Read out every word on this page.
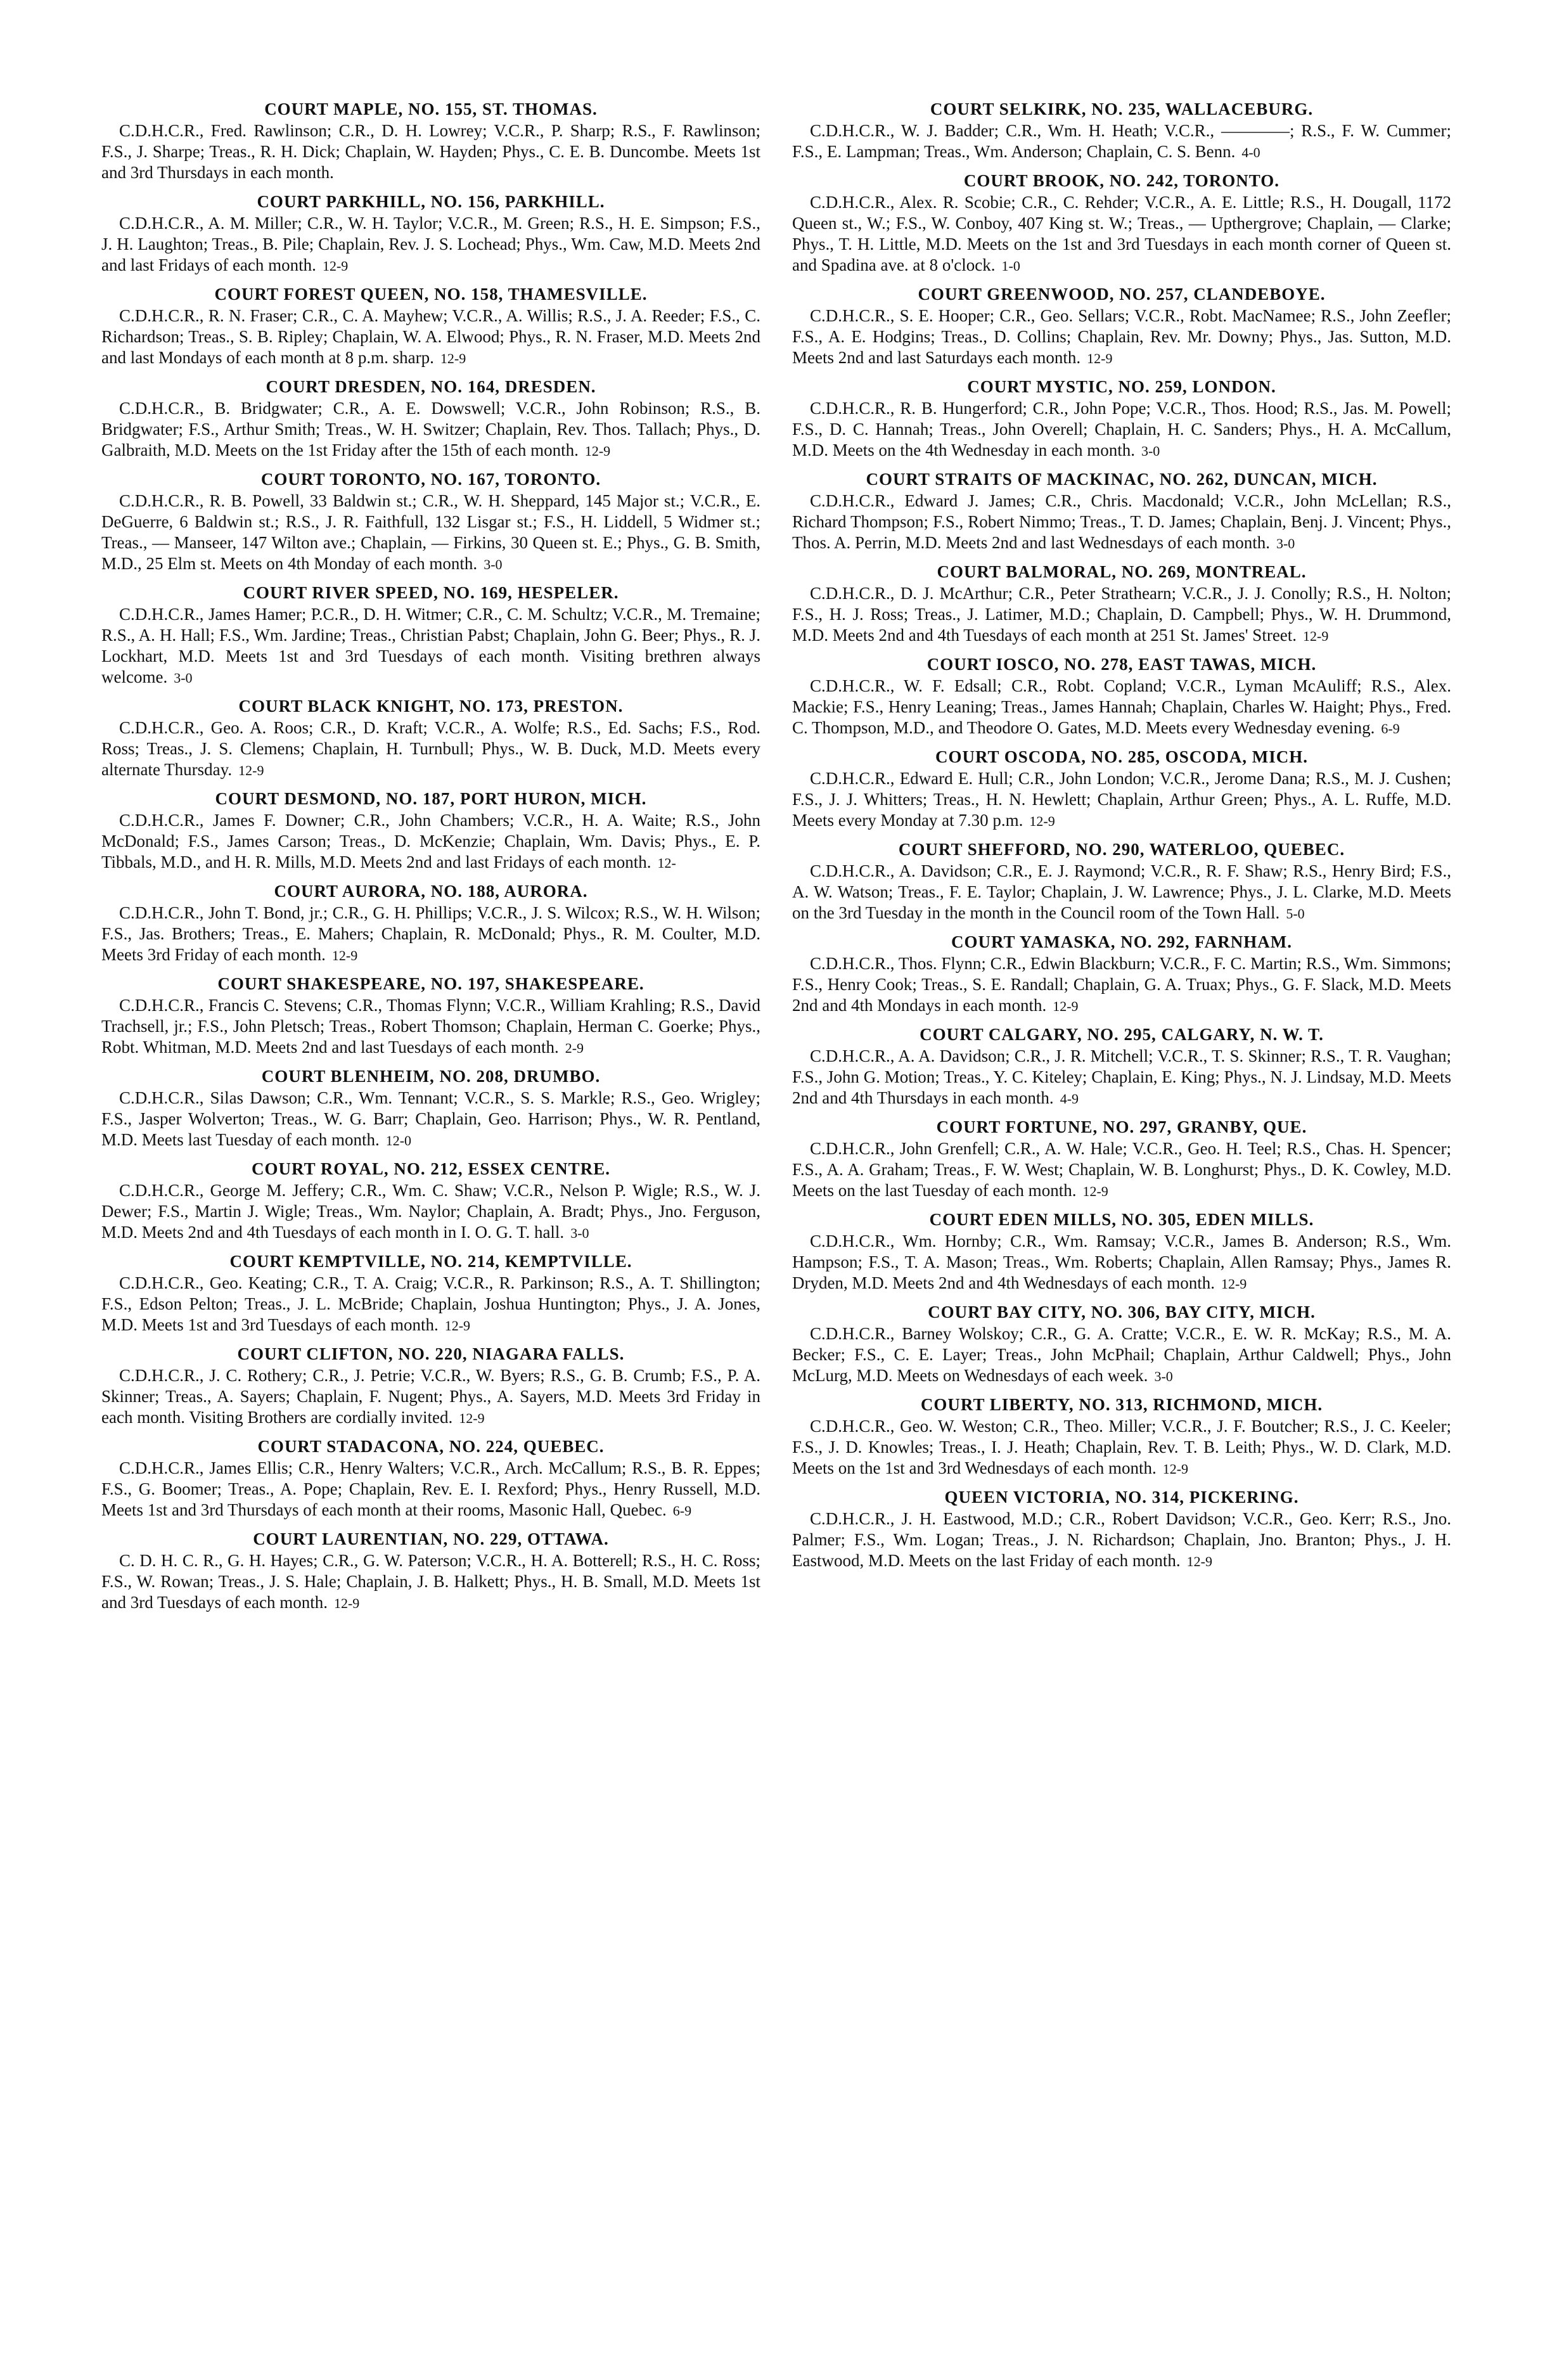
COURT MAPLE, NO. 155, ST. THOMAS.
C.D.H.C.R., Fred. Rawlinson; C.R., D. H. Lowrey; V.C.R., P. Sharp; R.S., F. Rawlinson; F.S., J. Sharpe; Treas., R. H. Dick; Chaplain, W. Hayden; Phys., C. E. B. Duncombe. Meets 1st and 3rd Thursdays in each month.
COURT PARKHILL, NO. 156, PARKHILL.
C.D.H.C.R., A. M. Miller; C.R., W. H. Taylor; V.C.R., M. Green; R.S., H. E. Simpson; F.S., J. H. Laughton; Treas., B. Pile; Chaplain, Rev. J. S. Lochead; Phys., Wm. Caw, M.D. Meets 2nd and last Fridays of each month. 12-9
COURT FOREST QUEEN, NO. 158, THAMESVILLE.
C.D.H.C.R., R. N. Fraser; C.R., C. A. Mayhew; V.C.R., A. Willis; R.S., J. A. Reeder; F.S., C. Richardson; Treas., S. B. Ripley; Chaplain, W. A. Elwood; Phys., R. N. Fraser, M.D. Meets 2nd and last Mondays of each month at 8 p.m. sharp. 12-9
COURT DRESDEN, NO. 164, DRESDEN.
C.D.H.C.R., B. Bridgwater; C.R., A. E. Dowswell; V.C.R., John Robinson; R.S., B. Bridgwater; F.S., Arthur Smith; Treas., W. H. Switzer; Chaplain, Rev. Thos. Tallach; Phys., D. Galbraith, M.D. Meets on the 1st Friday after the 15th of each month. 12-9
COURT TORONTO, NO. 167, TORONTO.
C.D.H.C.R., R. B. Powell, 33 Baldwin st.; C.R., W. H. Sheppard, 145 Major st.; V.C.R., E. DeGuerre, 6 Baldwin st.; R.S., J. R. Faithfull, 132 Lisgar st.; F.S., H. Liddell, 5 Widmer st.; Treas., — Manseer, 147 Wilton ave.; Chaplain, — Firkins, 30 Queen st. E.; Phys., G. B. Smith, M.D., 25 Elm st. Meets on 4th Monday of each month. 3-0
COURT RIVER SPEED, NO. 169, HESPELER.
C.D.H.C.R., James Hamer; P.C.R., D. H. Witmer; C.R., C. M. Schultz; V.C.R., M. Tremaine; R.S., A. H. Hall; F.S., Wm. Jardine; Treas., Christian Pabst; Chaplain, John G. Beer; Phys., R. J. Lockhart, M.D. Meets 1st and 3rd Tuesdays of each month. Visiting brethren always welcome. 3-0
COURT BLACK KNIGHT, NO. 173, PRESTON.
C.D.H.C.R., Geo. A. Roos; C.R., D. Kraft; V.C.R., A. Wolfe; R.S., Ed. Sachs; F.S., Rod. Ross; Treas., J. S. Clemens; Chaplain, H. Turnbull; Phys., W. B. Duck, M.D. Meets every alternate Thursday. 12-9
COURT DESMOND, NO. 187, PORT HURON, MICH.
C.D.H.C.R., James F. Downer; C.R., John Chambers; V.C.R., H. A. Waite; R.S., John McDonald; F.S., James Carson; Treas., D. McKenzie; Chaplain, Wm. Davis; Phys., E. P. Tibbals, M.D., and H. R. Mills, M.D. Meets 2nd and last Fridays of each month. 12-
COURT AURORA, NO. 188, AURORA.
C.D.H.C.R., John T. Bond, jr.; C.R., G. H. Phillips; V.C.R., J. S. Wilcox; R.S., W. H. Wilson; F.S., Jas. Brothers; Treas., E. Mahers; Chaplain, R. McDonald; Phys., R. M. Coulter, M.D. Meets 3rd Friday of each month. 12-9
COURT SHAKESPEARE, NO. 197, SHAKESPEARE.
C.D.H.C.R., Francis C. Stevens; C.R., Thomas Flynn; V.C.R., William Krahling; R.S., David Trachsell, jr.; F.S., John Pletsch; Treas., Robert Thomson; Chaplain, Herman C. Goerke; Phys., Robt. Whitman, M.D. Meets 2nd and last Tuesdays of each month. 2-9
COURT BLENHEIM, NO. 208, DRUMBO.
C.D.H.C.R., Silas Dawson; C.R., Wm. Tennant; V.C.R., S. S. Markle; R.S., Geo. Wrigley; F.S., Jasper Wolverton; Treas., W. G. Barr; Chaplain, Geo. Harrison; Phys., W. R. Pentland, M.D. Meets last Tuesday of each month. 12-0
COURT ROYAL, NO. 212, ESSEX CENTRE.
C.D.H.C.R., George M. Jeffery; C.R., Wm. C. Shaw; V.C.R., Nelson P. Wigle; R.S., W. J. Dewer; F.S., Martin J. Wigle; Treas., Wm. Naylor; Chaplain, A. Bradt; Phys., Jno. Ferguson, M.D. Meets 2nd and 4th Tuesdays of each month in I. O. G. T. hall. 3-0
COURT KEMPTVILLE, NO. 214, KEMPTVILLE.
C.D.H.C.R., Geo. Keating; C.R., T. A. Craig; V.C.R., R. Parkinson; R.S., A. T. Shillington; F.S., Edson Pelton; Treas., J. L. McBride; Chaplain, Joshua Huntington; Phys., J. A. Jones, M.D. Meets 1st and 3rd Tuesdays of each month. 12-9
COURT CLIFTON, NO. 220, NIAGARA FALLS.
C.D.H.C.R., J. C. Rothery; C.R., J. Petrie; V.C.R., W. Byers; R.S., G. B. Crumb; F.S., P. A. Skinner; Treas., A. Sayers; Chaplain, F. Nugent; Phys., A. Sayers, M.D. Meets 3rd Friday in each month. Visiting Brothers are cordially invited. 12-9
COURT STADACONA, NO. 224, QUEBEC.
C.D.H.C.R., James Ellis; C.R., Henry Walters; V.C.R., Arch. McCallum; R.S., B. R. Eppes; F.S., G. Boomer; Treas., A. Pope; Chaplain, Rev. E. I. Rexford; Phys., Henry Russell, M.D. Meets 1st and 3rd Thursdays of each month at their rooms, Masonic Hall, Quebec. 6-9
COURT LAURENTIAN, NO. 229, OTTAWA.
C. D. H. C. R., G. H. Hayes; C.R., G. W. Paterson; V.C.R., H. A. Botterell; R.S., H. C. Ross; F.S., W. Rowan; Treas., J. S. Hale; Chaplain, J. B. Halkett; Phys., H. B. Small, M.D. Meets 1st and 3rd Tuesdays of each month. 12-9
COURT SELKIRK, NO. 235, WALLACEBURG.
C.D.H.C.R., W. J. Badder; C.R., Wm. H. Heath; V.C.R., ————; R.S., F. W. Cummer; F.S., E. Lampman; Treas., Wm. Anderson; Chaplain, C. S. Benn. 4-0
COURT BROOK, NO. 242, TORONTO.
C.D.H.C.R., Alex. R. Scobie; C.R., C. Rehder; V.C.R., A. E. Little; R.S., H. Dougall, 1172 Queen st., W.; F.S., W. Conboy, 407 King st. W.; Treas., — Upthergrove; Chaplain, — Clarke; Phys., T. H. Little, M.D. Meets on the 1st and 3rd Tuesdays in each month corner of Queen st. and Spadina ave. at 8 o'clock. 1-0
COURT GREENWOOD, NO. 257, CLANDEBOYE.
C.D.H.C.R., S. E. Hooper; C.R., Geo. Sellars; V.C.R., Robt. MacNamee; R.S., John Zeefler; F.S., A. E. Hodgins; Treas., D. Collins; Chaplain, Rev. Mr. Downy; Phys., Jas. Sutton, M.D. Meets 2nd and last Saturdays each month. 12-9
COURT MYSTIC, NO. 259, LONDON.
C.D.H.C.R., R. B. Hungerford; C.R., John Pope; V.C.R., Thos. Hood; R.S., Jas. M. Powell; F.S., D. C. Hannah; Treas., John Overell; Chaplain, H. C. Sanders; Phys., H. A. McCallum, M.D. Meets on the 4th Wednesday in each month. 3-0
COURT STRAITS OF MACKINAC, NO. 262, DUNCAN, MICH.
C.D.H.C.R., Edward J. James; C.R., Chris. Macdonald; V.C.R., John McLellan; R.S., Richard Thompson; F.S., Robert Nimmo; Treas., T. D. James; Chaplain, Benj. J. Vincent; Phys., Thos. A. Perrin, M.D. Meets 2nd and last Wednesdays of each month. 3-0
COURT BALMORAL, NO. 269, MONTREAL.
C.D.H.C.R., D. J. McArthur; C.R., Peter Strathearn; V.C.R., J. J. Conolly; R.S., H. Nolton; F.S., H. J. Ross; Treas., J. Latimer, M.D.; Chaplain, D. Campbell; Phys., W. H. Drummond, M.D. Meets 2nd and 4th Tuesdays of each month at 251 St. James' Street. 12-9
COURT IOSCO, NO. 278, EAST TAWAS, MICH.
C.D.H.C.R., W. F. Edsall; C.R., Robt. Copland; V.C.R., Lyman McAuliff; R.S., Alex. Mackie; F.S., Henry Leaning; Treas., James Hannah; Chaplain, Charles W. Haight; Phys., Fred. C. Thompson, M.D., and Theodore O. Gates, M.D. Meets every Wednesday evening. 6-9
COURT OSCODA, NO. 285, OSCODA, MICH.
C.D.H.C.R., Edward E. Hull; C.R., John London; V.C.R., Jerome Dana; R.S., M. J. Cushen; F.S., J. J. Whitters; Treas., H. N. Hewlett; Chaplain, Arthur Green; Phys., A. L. Ruffe, M.D. Meets every Monday at 7.30 p.m. 12-9
COURT SHEFFORD, NO. 290, WATERLOO, QUEBEC.
C.D.H.C.R., A. Davidson; C.R., E. J. Raymond; V.C.R., R. F. Shaw; R.S., Henry Bird; F.S., A. W. Watson; Treas., F. E. Taylor; Chaplain, J. W. Lawrence; Phys., J. L. Clarke, M.D. Meets on the 3rd Tuesday in the month in the Council room of the Town Hall. 5-0
COURT YAMASKA, NO. 292, FARNHAM.
C.D.H.C.R., Thos. Flynn; C.R., Edwin Blackburn; V.C.R., F. C. Martin; R.S., Wm. Simmons; F.S., Henry Cook; Treas., S. E. Randall; Chaplain, G. A. Truax; Phys., G. F. Slack, M.D. Meets 2nd and 4th Mondays in each month. 12-9
COURT CALGARY, NO. 295, CALGARY, N. W. T.
C.D.H.C.R., A. A. Davidson; C.R., J. R. Mitchell; V.C.R., T. S. Skinner; R.S., T. R. Vaughan; F.S., John G. Motion; Treas., Y. C. Kiteley; Chaplain, E. King; Phys., N. J. Lindsay, M.D. Meets 2nd and 4th Thursdays in each month. 4-9
COURT FORTUNE, NO. 297, GRANBY, QUE.
C.D.H.C.R., John Grenfell; C.R., A. W. Hale; V.C.R., Geo. H. Teel; R.S., Chas. H. Spencer; F.S., A. A. Graham; Treas., F. W. West; Chaplain, W. B. Longhurst; Phys., D. K. Cowley, M.D. Meets on the last Tuesday of each month. 12-9
COURT EDEN MILLS, NO. 305, EDEN MILLS.
C.D.H.C.R., Wm. Hornby; C.R., Wm. Ramsay; V.C.R., James B. Anderson; R.S., Wm. Hampson; F.S., T. A. Mason; Treas., Wm. Roberts; Chaplain, Allen Ramsay; Phys., James R. Dryden, M.D. Meets 2nd and 4th Wednesdays of each month. 12-9
COURT BAY CITY, NO. 306, BAY CITY, MICH.
C.D.H.C.R., Barney Wolskoy; C.R., G. A. Cratte; V.C.R., E. W. R. McKay; R.S., M. A. Becker; F.S., C. E. Layer; Treas., John McPhail; Chaplain, Arthur Caldwell; Phys., John McLurg, M.D. Meets on Wednesdays of each week. 3-0
COURT LIBERTY, NO. 313, RICHMOND, MICH.
C.D.H.C.R., Geo. W. Weston; C.R., Theo. Miller; V.C.R., J. F. Boutcher; R.S., J. C. Keeler; F.S., J. D. Knowles; Treas., I. J. Heath; Chaplain, Rev. T. B. Leith; Phys., W. D. Clark, M.D. Meets on the 1st and 3rd Wednesdays of each month. 12-9
QUEEN VICTORIA, NO. 314, PICKERING.
C.D.H.C.R., J. H. Eastwood, M.D.; C.R., Robert Davidson; V.C.R., Geo. Kerr; R.S., Jno. Palmer; F.S., Wm. Logan; Treas., J. N. Richardson; Chaplain, Jno. Branton; Phys., J. H. Eastwood, M.D. Meets on the last Friday of each month. 12-9
